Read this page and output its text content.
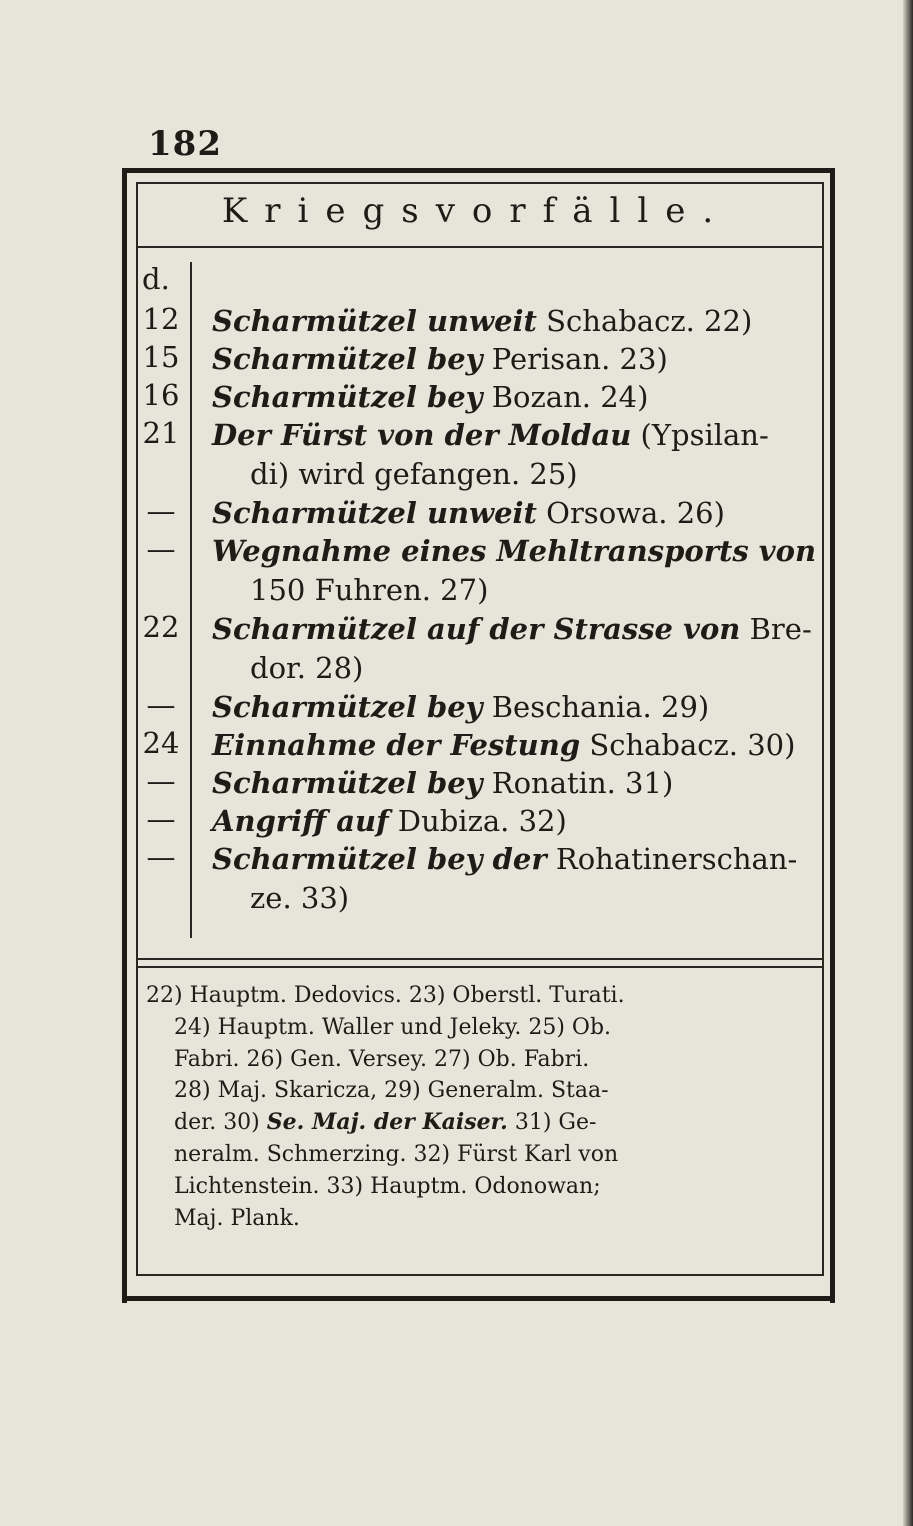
182
Kriegsvorfälle.
d.
12 Scharmützel unweit Schabacz. 22)
15 Scharmützel bey Perisan. 23)
16 Scharmützel bey Bozan. 24)
21 Der Fürst von der Moldau (Ypsilan-
di) wird gefangen. 25)
— Scharmützel unweit Orsowa. 26)
— Wegnahme eines Mehltransports von
150 Fuhren. 27)
22 Scharmützel auf der Strasse von Bre-
dor. 28)
— Scharmützel bey Beschania. 29)
24 Einnahme der Festung Schabacz. 30)
— Scharmützel bey Ronatin. 31)
— Angriff auf Dubiza. 32)
— Scharmützel bey der Rohatinerschan-
ze. 33)

22) Hauptm. Dedovics. 23) Oberstl. Turati.

24) Hauptm. Waller und Jeleky. 25) Ob.

Fabri. 26) Gen. Versey. 27) Ob. Fabri.

28) Maj. Skaricza, 29) Generalm. Staa-

der. 30) Se. Maj. der Kaiser. 31) Ge-

neralm. Schmerzing. 32) Fürst Karl von

Lichtenstein. 33) Hauptm. Odonowan;

Maj. Plank.
